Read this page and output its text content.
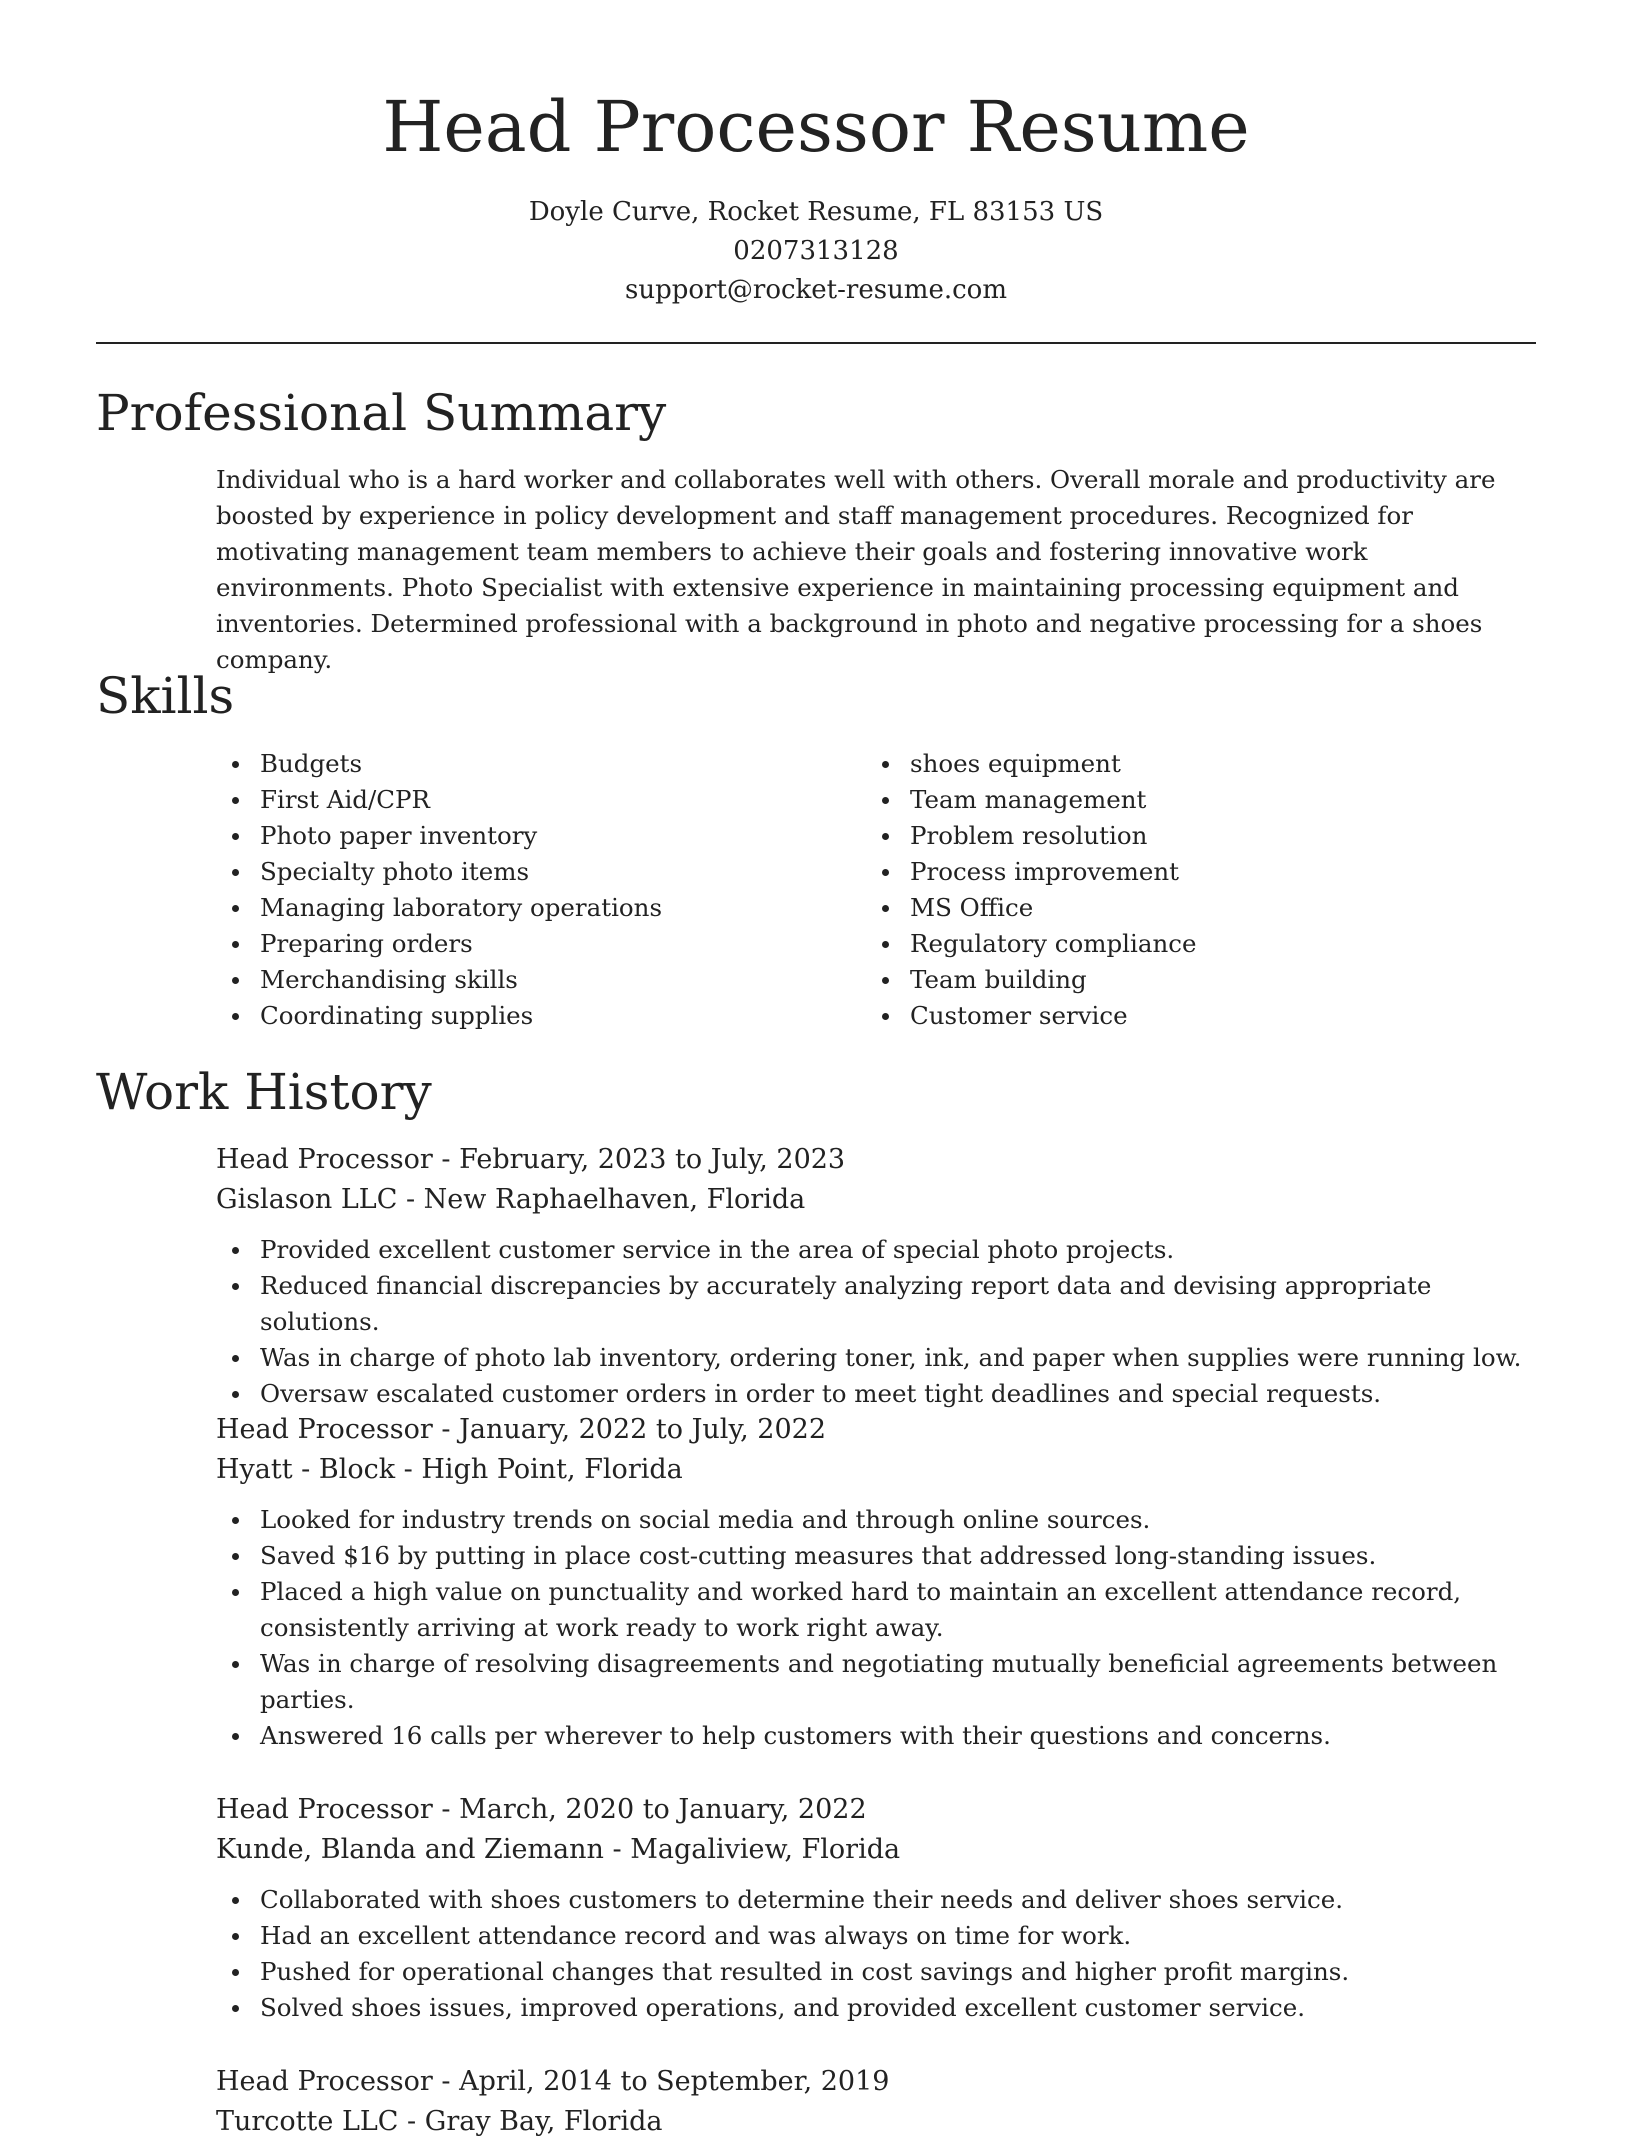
Head Processor Resume
Doyle Curve, Rocket Resume, FL 83153 US
0207313128
support@rocket-resume.com
Professional Summary

Individual who is a hard worker and collaborates well with others. Overall morale and productivity are boosted by experience in policy development and staff management procedures. Recognized for motivating management team members to achieve their goals and fostering innovative work environments. Photo Specialist with extensive experience in maintaining processing equipment and inventories. Determined professional with a background in photo and negative processing for a shoes company.

Skills
Budgets
First Aid/CPR
Photo paper inventory
Specialty photo items
Managing laboratory operations
Preparing orders
Merchandising skills
Coordinating supplies
shoes equipment
Team management
Problem resolution
Process improvement
MS Office
Regulatory compliance
Team building
Customer service
Work History
Head Processor - February, 2023 to July, 2023
Gislason LLC - New Raphaelhaven, Florida
Provided excellent customer service in the area of special photo projects.
Reduced financial discrepancies by accurately analyzing report data and devising appropriate solutions.
Was in charge of photo lab inventory, ordering toner, ink, and paper when supplies were running low.
Oversaw escalated customer orders in order to meet tight deadlines and special requests.
Head Processor - January, 2022 to July, 2022
Hyatt - Block - High Point, Florida
Looked for industry trends on social media and through online sources.
Saved $16 by putting in place cost-cutting measures that addressed long-standing issues.
Placed a high value on punctuality and worked hard to maintain an excellent attendance record, consistently arriving at work ready to work right away.
Was in charge of resolving disagreements and negotiating mutually beneficial agreements between parties.
Answered 16 calls per wherever to help customers with their questions and concerns.
Head Processor - March, 2020 to January, 2022
Kunde, Blanda and Ziemann - Magaliview, Florida
Collaborated with shoes customers to determine their needs and deliver shoes service.
Had an excellent attendance record and was always on time for work.
Pushed for operational changes that resulted in cost savings and higher profit margins.
Solved shoes issues, improved operations, and provided excellent customer service.
Head Processor - April, 2014 to September, 2019
Turcotte LLC - Gray Bay, Florida
